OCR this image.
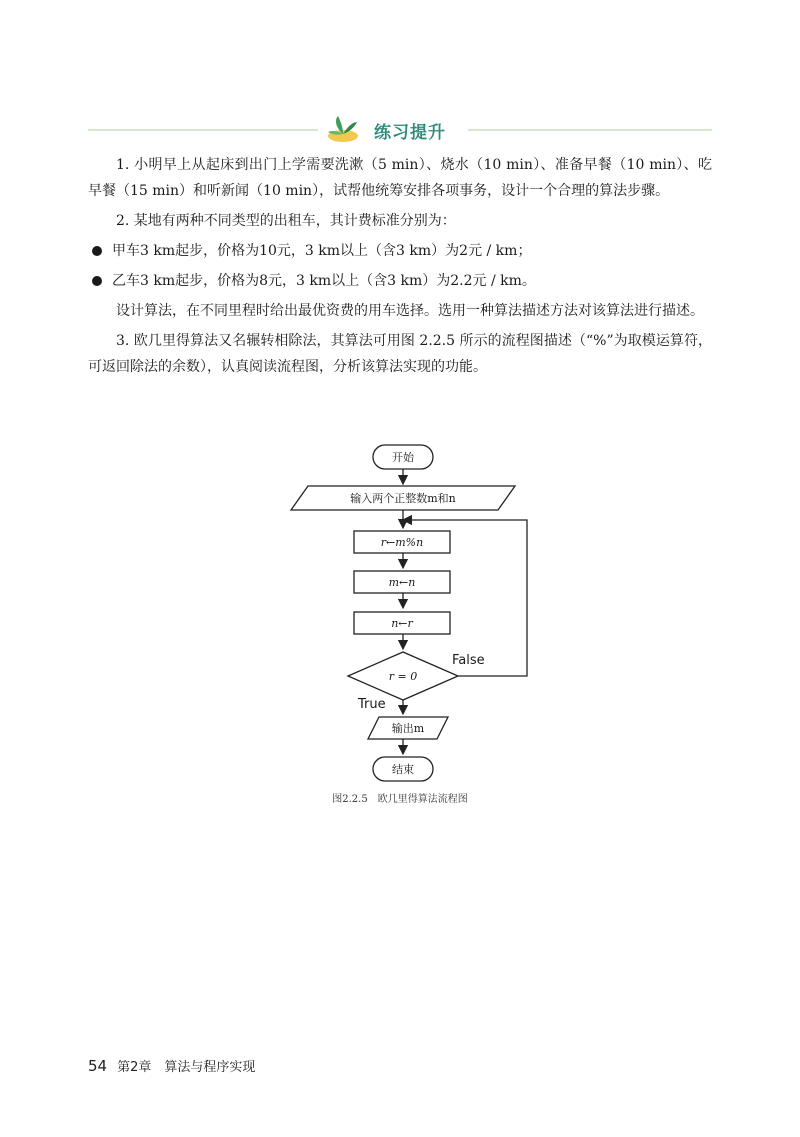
练习提升

1. 小明早上从起床到出门上学需要洗漱（5 min）、烧水（10 min）、准备早餐（10 min）、吃早餐（15 min）和听新闻（10 min），试帮他统筹安排各项事务，设计一个合理的算法步骤。

2. 某地有两种不同类型的出租车，其计费标准分别为：

甲车3 km起步，价格为10元，3 km以上（含3 km）为2元 / km；

乙车3 km起步，价格为8元，3 km以上（含3 km）为2.2元 / km。

设计算法，在不同里程时给出最优资费的用车选择。选用一种算法描述方法对该算法进行描述。

3. 欧几里得算法又名辗转相除法，其算法可用图 2.2.5 所示的流程图描述（“%”为取模运算符，可返回除法的余数），认真阅读流程图，分析该算法实现的功能。

开始
输入两个正整数m和n
r←m%n
m←n
n←r
r = 0
输出m
结束
False
True
图2.2.5　欧几里得算法流程图
54 第2章　算法与程序实现
